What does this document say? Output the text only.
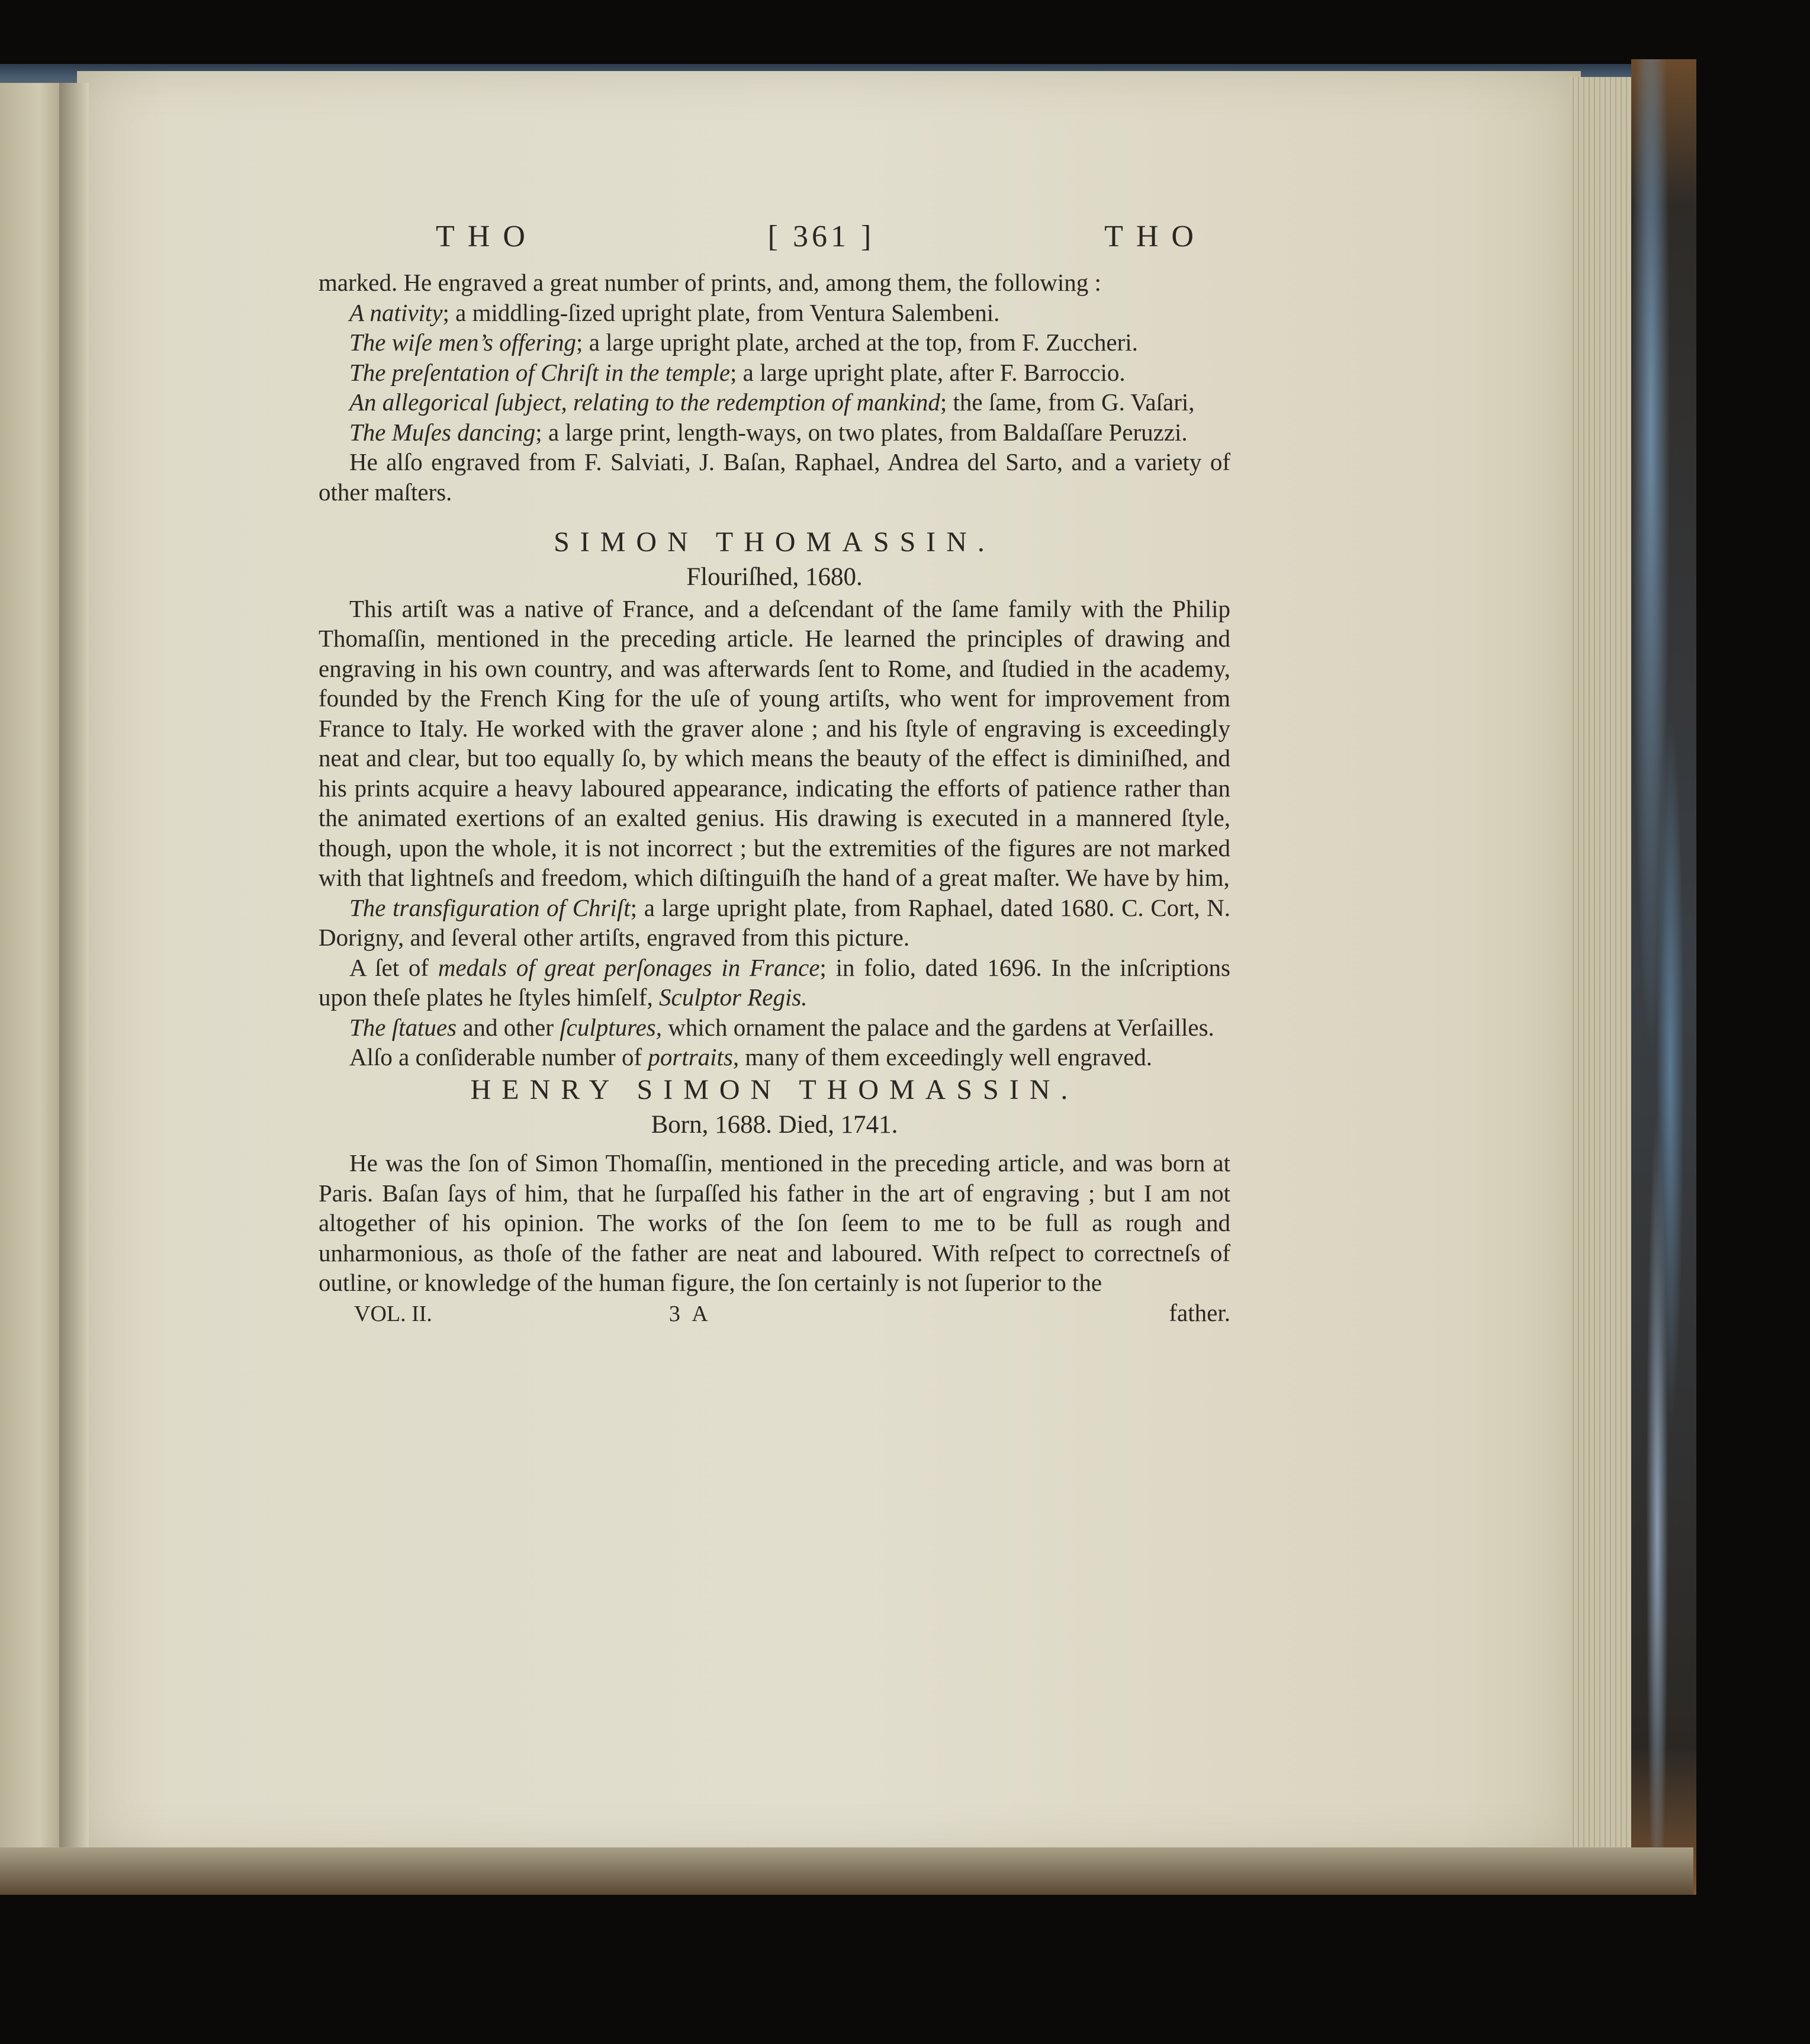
THO	[ 361 ]	THO

marked. He engraved a great number of prints, and, among them, the following :

A nativity; a middling-ſized upright plate, from Ventura Salembeni.

The wiſe men’s offering; a large upright plate, arched at the top, from F. Zuccheri.

The preſentation of Chriſt in the temple; a large upright plate, after F. Barroccio.

An allegorical ſubject, relating to the redemption of mankind; the ſame, from G. Vaſari,

The Muſes dancing; a large print, length-ways, on two plates, from Baldaſſare Peruzzi.

He alſo engraved from F. Salviati, J. Baſan, Raphael, Andrea del Sarto, and a variety of other maſters.

SIMON THOMASSIN.
Flouriſhed, 1680.

This artiſt was a native of France, and a deſcendant of the ſame family with the Philip Thomaſſin, mentioned in the preceding article. He learned the principles of drawing and engraving in his own country, and was afterwards ſent to Rome, and ſtudied in the academy, founded by the French King for the uſe of young artiſts, who went for improvement from France to Italy. He worked with the graver alone ; and his ſtyle of engraving is exceedingly neat and clear, but too equally ſo, by which means the beauty of the effect is diminiſhed, and his prints acquire a heavy laboured appearance, indicating the efforts of patience rather than the animated exertions of an exalted genius. His drawing is executed in a mannered ſtyle, though, upon the whole, it is not incorrect ; but the extremities of the figures are not marked with that lightneſs and freedom, which diſtinguiſh the hand of a great maſter. We have by him,

The transfiguration of Chriſt; a large upright plate, from Raphael, dated 1680. C. Cort, N. Dorigny, and ſeveral other artiſts, engraved from this picture.

A ſet of medals of great perſonages in France; in folio, dated 1696. In the inſcriptions upon theſe plates he ſtyles himſelf, Sculptor Regis.

The ſtatues and other ſculptures, which ornament the palace and the gardens at Verſailles.

Alſo a conſiderable number of portraits, many of them exceedingly well engraved.

HENRY SIMON THOMASSIN.
Born, 1688. Died, 1741.

He was the ſon of Simon Thomaſſin, mentioned in the preceding article, and was born at Paris. Baſan ſays of him, that he ſurpaſſed his father in the art of engraving ; but I am not altogether of his opinion. The works of the ſon ſeem to me to be full as rough and unharmonious, as thoſe of the father are neat and laboured. With reſpect to correctneſs of outline, or knowledge of the human figure, the ſon certainly is not ſuperior to the

VOL. II.	3 A	father.
